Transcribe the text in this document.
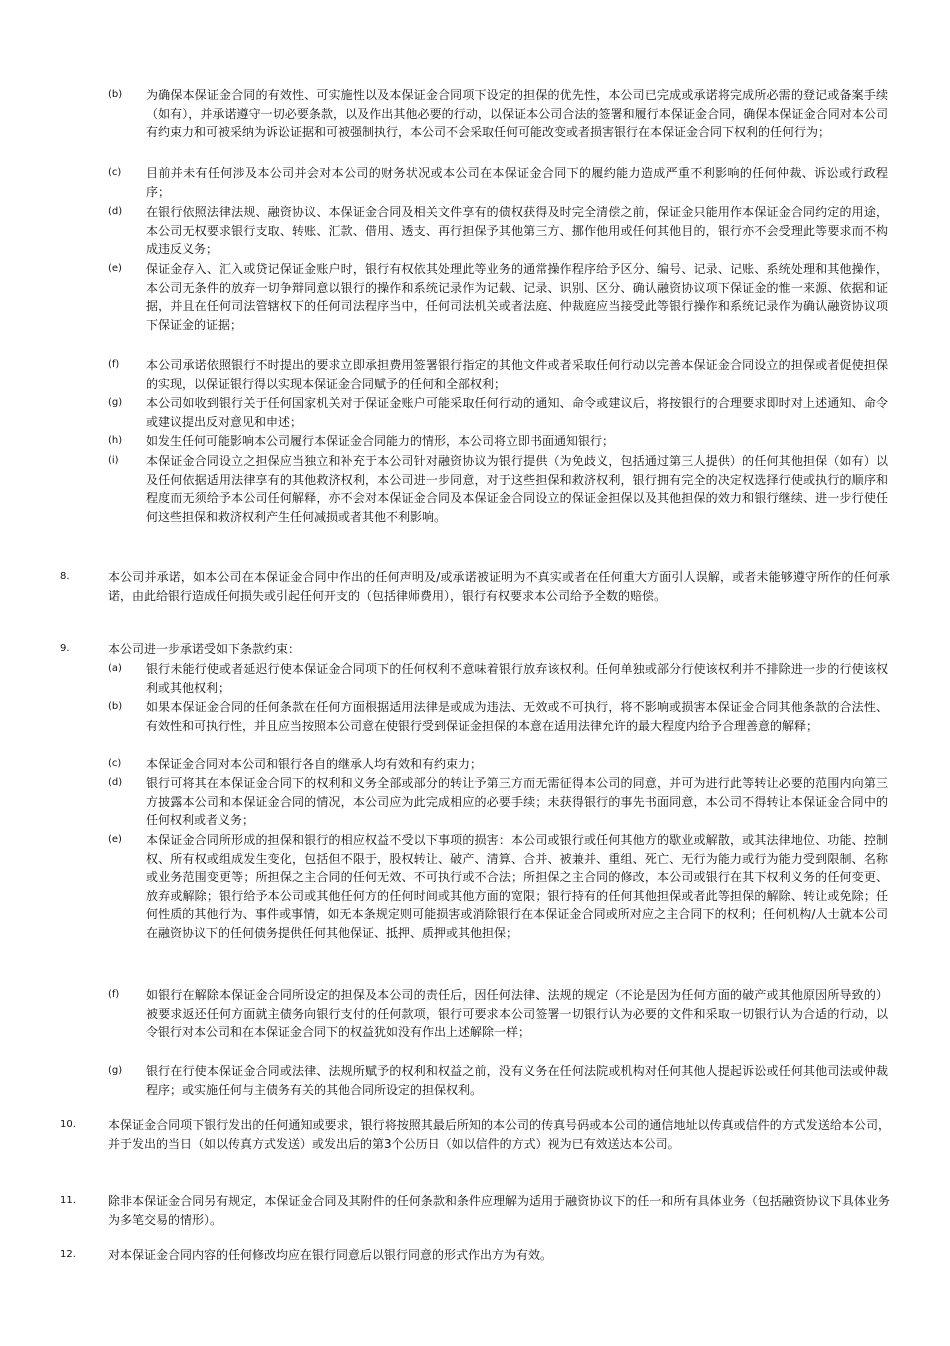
(b)	为确保本保证金合同的有效性、可实施性以及本保证金合同项下设定的担保的优先性，本公司已完成或承诺将完成所必需的登记或备案手续（如有），并承诺遵守一切必要条款，以及作出其他必要的行动，以保证本公司合法的签署和履行本保证金合同，确保本保证金合同对本公司有约束力和可被采纳为诉讼证据和可被强制执行，本公司不会采取任何可能改变或者损害银行在本保证金合同下权利的任何行为；
(c)	目前并未有任何涉及本公司并会对本公司的财务状况或本公司在本保证金合同下的履约能力造成严重不利影响的任何仲裁、诉讼或行政程序；
(d)	在银行依照法律法规、融资协议、本保证金合同及相关文件享有的债权获得及时完全清偿之前，保证金只能用作本保证金合同约定的用途，本公司无权要求银行支取、转账、汇款、借用、透支、再行担保予其他第三方、挪作他用或任何其他目的，银行亦不会受理此等要求而不构成违反义务；
(e)	保证金存入、汇入或贷记保证金账户时，银行有权依其处理此等业务的通常操作程序给予区分、编号、记录、记账、系统处理和其他操作，本公司无条件的放弃一切争辩同意以银行的操作和系统记录作为记载、记录、识别、区分、确认融资协议项下保证金的惟一来源、依据和证据，并且在任何司法管辖权下的任何司法程序当中，任何司法机关或者法庭、仲裁庭应当接受此等银行操作和系统记录作为确认融资协议项下保证金的证据；
(f)	本公司承诺依照银行不时提出的要求立即承担费用签署银行指定的其他文件或者采取任何行动以完善本保证金合同设立的担保或者促使担保的实现，以保证银行得以实现本保证金合同赋予的任何和全部权利；
(g)	本公司如收到银行关于任何国家机关对于保证金账户可能采取任何行动的通知、命令或建议后，将按银行的合理要求即时对上述通知、命令或建议提出反对意见和申述；
(h)	如发生任何可能影响本公司履行本保证金合同能力的情形，本公司将立即书面通知银行；
(i)	本保证金合同设立之担保应当独立和补充于本公司针对融资协议为银行提供（为免歧义，包括通过第三人提供）的任何其他担保（如有）以及任何依据适用法律享有的其他救济权利，本公司进一步同意，对于这些担保和救济权利，银行拥有完全的决定权选择行使或执行的顺序和程度而无须给予本公司任何解释，亦不会对本保证金合同及本保证金合同设立的保证金担保以及其他担保的效力和银行继续、进一步行使任何这些担保和救济权利产生任何减损或者其他不利影响。
8.	本公司并承诺，如本公司在本保证金合同中作出的任何声明及/或承诺被证明为不真实或者在任何重大方面引人误解，或者未能够遵守所作的任何承诺，由此给银行造成任何损失或引起任何开支的（包括律师费用），银行有权要求本公司给予全数的赔偿。
9.	本公司进一步承诺受如下条款约束：
(a)	银行未能行使或者延迟行使本保证金合同项下的任何权利不意味着银行放弃该权利。任何单独或部分行使该权利并不排除进一步的行使该权利或其他权利；
(b)	如果本保证金合同的任何条款在任何方面根据适用法律是或成为违法、无效或不可执行，将不影响或损害本保证金合同其他条款的合法性、有效性和可执行性，并且应当按照本公司意在使银行受到保证金担保的本意在适用法律允许的最大程度内给予合理善意的解释；
(c)	本保证金合同对本公司和银行各自的继承人均有效和有约束力；
(d)	银行可将其在本保证金合同下的权利和义务全部或部分的转让予第三方而无需征得本公司的同意，并可为进行此等转让必要的范围内向第三方披露本公司和本保证金合同的情况，本公司应为此完成相应的必要手续；未获得银行的事先书面同意，本公司不得转让本保证金合同中的任何权利或者义务；
(e)	本保证金合同所形成的担保和银行的相应权益不受以下事项的损害：本公司或银行或任何其他方的歇业或解散，或其法律地位、功能、控制权、所有权或组成发生变化，包括但不限于，股权转让、破产、清算、合并、被兼并、重组、死亡、无行为能力或行为能力受到限制、名称或业务范围变更等；所担保之主合同的任何无效、不可执行或不合法；所担保之主合同的修改，本公司或银行在其下权利义务的任何变更、放弃或解除；银行给予本公司或其他任何方的任何时间或其他方面的宽限；银行持有的任何其他担保或者此等担保的解除、转让或免除；任何性质的其他行为、事件或事情，如无本条规定则可能损害或消除银行在本保证金合同或所对应之主合同下的权利；任何机构/人士就本公司在融资协议下的任何债务提供任何其他保证、抵押、质押或其他担保；
(f)	如银行在解除本保证金合同所设定的担保及本公司的责任后，因任何法律、法规的规定（不论是因为任何方面的破产或其他原因所导致的）被要求返还任何方面就主债务向银行支付的任何款项，银行可要求本公司签署一切银行认为必要的文件和采取一切银行认为合适的行动，以令银行对本公司和在本保证金合同下的权益犹如没有作出上述解除一样；
(g)	银行在行使本保证金合同或法律、法规所赋予的权利和权益之前，没有义务在任何法院或机构对任何其他人提起诉讼或任何其他司法或仲裁程序；或实施任何与主债务有关的其他合同所设定的担保权利。
10.	本保证金合同项下银行发出的任何通知或要求，银行将按照其最后所知的本公司的传真号码或本公司的通信地址以传真或信件的方式发送给本公司，并于发出的当日（如以传真方式发送）或发出后的第3个公历日（如以信件的方式）视为已有效送达本公司。
11.	除非本保证金合同另有规定，本保证金合同及其附件的任何条款和条件应理解为适用于融资协议下的任一和所有具体业务（包括融资协议下具体业务为多笔交易的情形）。
12.	对本保证金合同内容的任何修改均应在银行同意后以银行同意的形式作出方为有效。
